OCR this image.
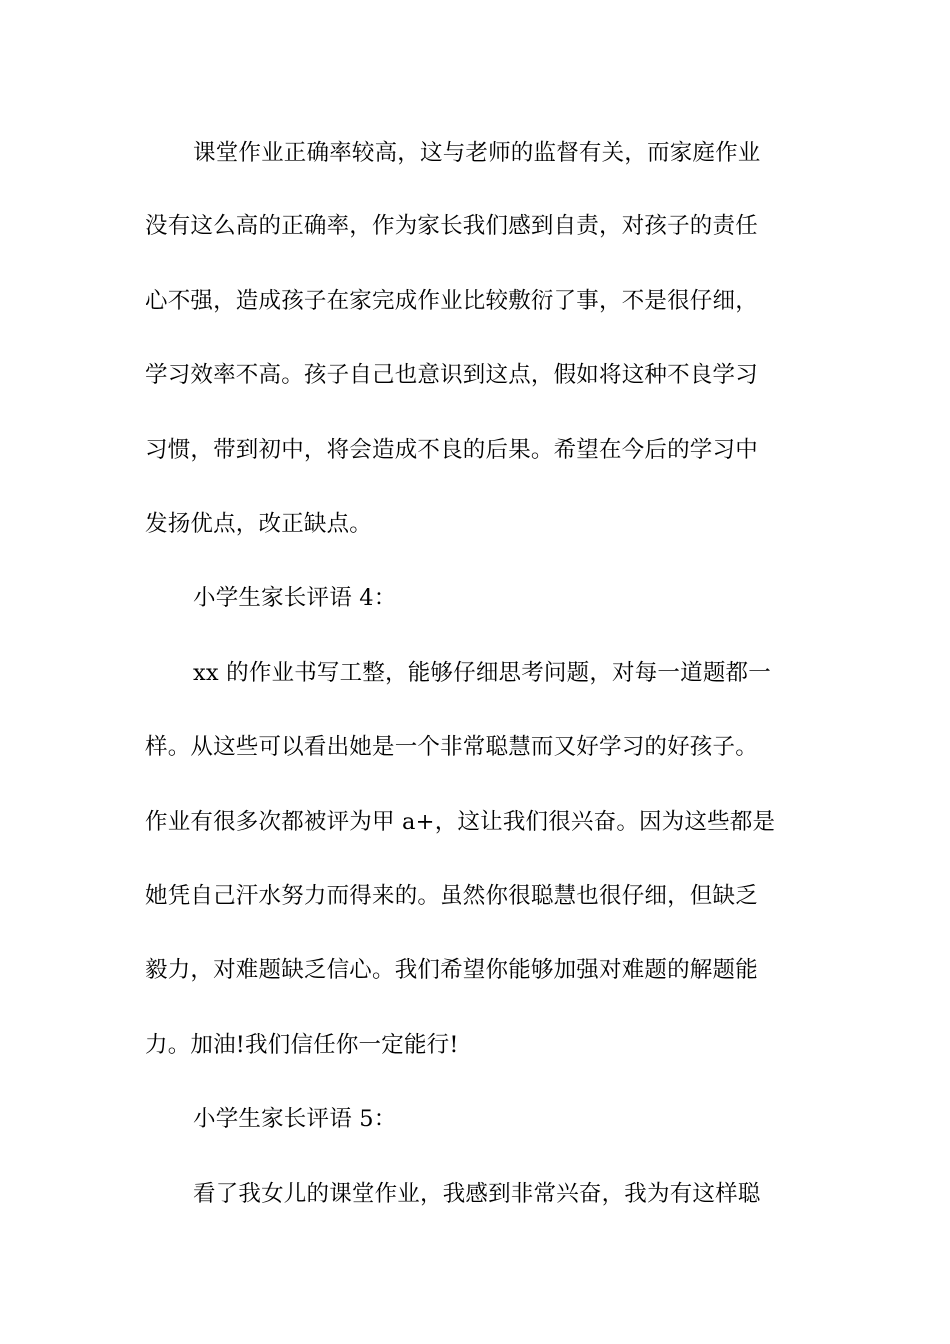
课堂作业正确率较高，这与老师的监督有关，而家庭作业
没有这么高的正确率，作为家长我们感到自责，对孩子的责任
心不强，造成孩子在家完成作业比较敷衍了事，不是很仔细，
学习效率不高。孩子自己也意识到这点，假如将这种不良学习
习惯，带到初中，将会造成不良的后果。希望在今后的学习中
发扬优点，改正缺点。
小学生家长评语 4：
xx 的作业书写工整，能够仔细思考问题，对每一道题都一
样。从这些可以看出她是一个非常聪慧而又好学习的好孩子。
作业有很多次都被评为甲 a+，这让我们很兴奋。因为这些都是
她凭自己汗水努力而得来的。虽然你很聪慧也很仔细，但缺乏
毅力，对难题缺乏信心。我们希望你能够加强对难题的解题能
力。加油!我们信任你一定能行!
小学生家长评语 5：
看了我女儿的课堂作业，我感到非常兴奋，我为有这样聪
